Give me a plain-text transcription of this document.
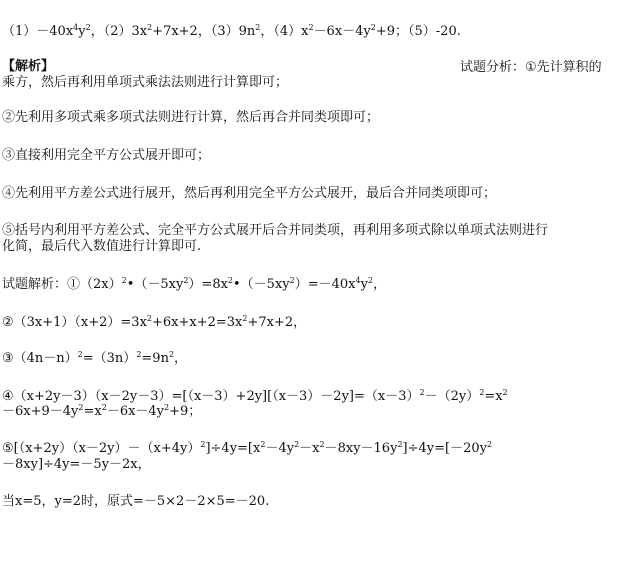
$(1)-40x^4y^2$，$(2)3x^2+7x+2$，$(3)9n^2$，$(4)x^2-6x-4y^2+9$；（5）-20.
【解析】	试题分析：①先计算积的
乘方，然后再利用单项式乘法法则进行计算即可；
②先利用多项式乘多项式法则进行计算，然后再合并同类项即可；
③直接利用完全平方公式展开即可；
④先利用平方差公式进行展开，然后再利用完全平方公式展开，最后合并同类项即可；
⑤括号内利用平方差公式、完全平方公式展开后合并同类项，再利用多项式除以单项式法则进行
化简，最后代入数值进行计算即可.
试题解析：$①(2x)^2•(-5xy^2)=8x^2•(-5xy^2)=-40x^4y^2$，
$②(3x+1)(x+2)=3x^2+6x+x+2=3x^2+7x+2$，
$③(4n-n)^2=(3n)^2=9n^2$，
$④(x+2y-3)(x-2y-3)=[(x-3)+2y][(x-3)-2y]=(x-3)^2-(2y)^2=x^2$
$-6x+9-4y^2=x^2-6x-4y^2+9$；
$⑤[(x+2y)(x-2y)-(x+4y)^2]\div 4y=[x^2-4y^2-x^2-8xy-16y^2]\div 4y=[-20y^2$
－8xy]÷4y=－5y－2x，
当x=5，y=2时，原式=－5×2－2×5=－20.
